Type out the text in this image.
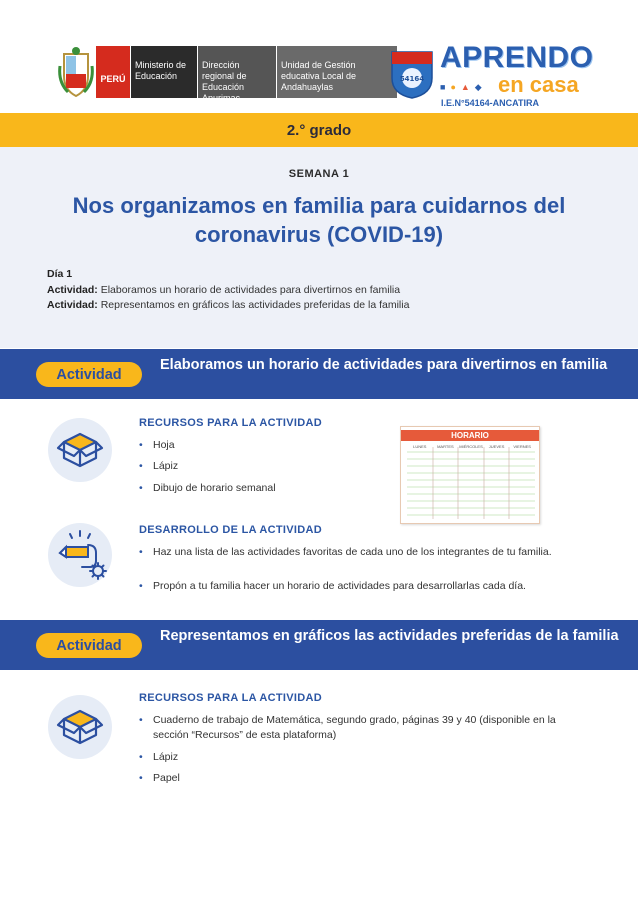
PERÚ
Ministerio de Educación
Dirección regional de Educación Apurimac
Unidad de Gestión educativa Local de Andahuaylas
54164
APRENDO
■●▲◆ en casa
I.E.N°54164-ANCATIRA
2.° grado
SEMANA 1
Nos organizamos en familia para cuidarnos del coronavirus (COVID-19)
Día 1
Actividad: Elaboramos un horario de actividades para divertirnos en familia
Actividad: Representamos en gráficos las actividades preferidas de la familia
Actividad
Elaboramos un horario de actividades para divertirnos en familia
RECURSOS PARA LA ACTIVIDAD
• Hoja
• Lápiz
• Dibujo de horario semanal
HORARIO
LUNES	MARTES	MIÉRCOLES	JUEVES	VIERNES
DESARROLLO DE LA ACTIVIDAD
• Haz una lista de las actividades favoritas de cada uno de los integrantes de tu familia.
• Propón a tu familia hacer un horario de actividades para desarrollarlas cada día.
Actividad
Representamos en gráficos las actividades preferidas de la familia
RECURSOS PARA LA ACTIVIDAD
• Cuaderno de trabajo de Matemática, segundo grado, páginas 39 y 40 (disponible en la sección “Recursos” de esta plataforma)
• Lápiz
• Papel
